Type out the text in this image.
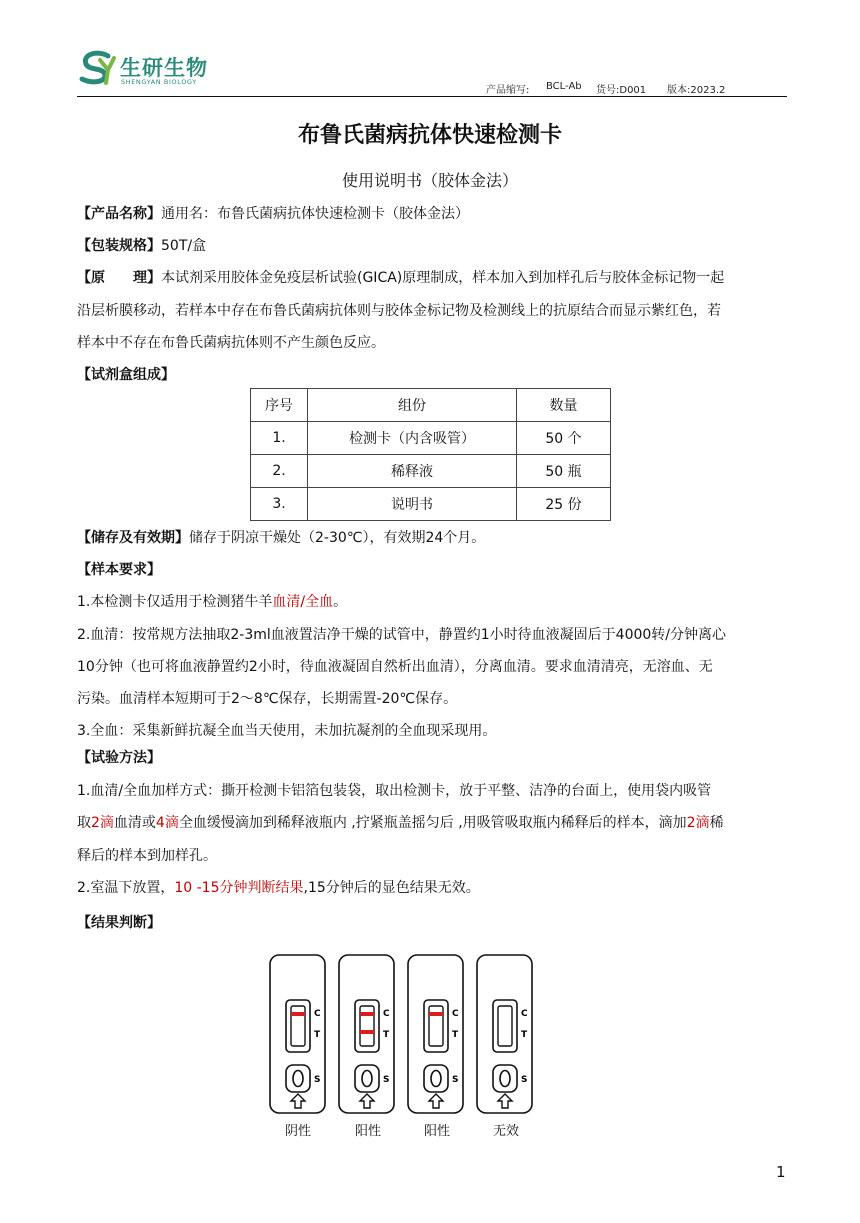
生研生物
SHENGYAN BIOLOGY
产品缩写: BCL-Ab 货号:D001 版本:2023.2
布鲁氏菌病抗体快速检测卡
使用说明书（胶体金法）
【产品名称】通用名：布鲁氏菌病抗体快速检测卡（胶体金法）
【包装规格】50T/盒
【原　　理】本试剂采用胶体金免疫层析试验(GICA)原理制成，样本加入到加样孔后与胶体金标记物一起
沿层析膜移动，若样本中存在布鲁氏菌病抗体则与胶体金标记物及检测线上的抗原结合而显示紫红色，若
样本中不存在布鲁氏菌病抗体则不产生颜色反应。
【试剂盒组成】
序号	组份	数量
1.	检测卡（内含吸管）	50 个
2.	稀释液	50 瓶
3.	说明书	25 份
【储存及有效期】储存于阴凉干燥处（2-30℃），有效期24个月。
【样本要求】
1.本检测卡仅适用于检测猪牛羊血清/全血。
2.血清：按常规方法抽取2-3ml血液置洁净干燥的试管中，静置约1小时待血液凝固后于4000转/分钟离心
10分钟（也可将血液静置约2小时，待血液凝固自然析出血清），分离血清。要求血清清亮，无溶血、无
污染。血清样本短期可于2～8℃保存，长期需置-20℃保存。
3.全血：采集新鲜抗凝全血当天使用，未加抗凝剂的全血现采现用。
【试验方法】
1.血清/全血加样方式：撕开检测卡铝箔包装袋，取出检测卡，放于平整、洁净的台面上，使用袋内吸管
取2滴血清或4滴全血缓慢滴加到稀释液瓶内 ,拧紧瓶盖摇匀后 ,用吸管吸取瓶内稀释后的样本，滴加2滴稀
释后的样本到加样孔。
2.室温下放置，10 -15分钟判断结果,15分钟后的显色结果无效。
【结果判断】
C
T
S
C
T
S
C
T
S
C
T
S
阴性	阳性	阳性	无效
1
